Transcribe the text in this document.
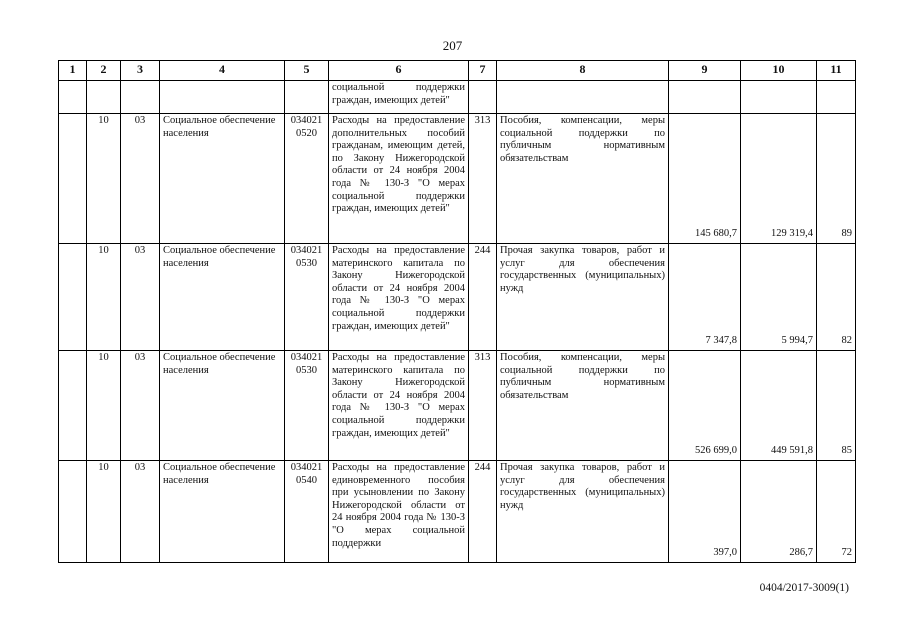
207
1	2	3	4	5	6	7	8	9	10	11
					социальной поддержки граждан, имеющих детей"					
	10	03	Социальное обеспечение населения	034021 0520	Расходы на предоставление дополнительных пособий гражданам, имеющим детей, по Закону Нижегородской области от 24 ноября 2004 года № 130-З "О мерах социальной поддержки граждан, имеющих детей"	313	Пособия, компенсации, меры социальной поддержки по публичным нормативным обязательствам	145 680,7	129 319,4	89
	10	03	Социальное обеспечение населения	034021 0530	Расходы на предоставление материнского капитала по Закону Нижегородской области от 24 ноября 2004 года № 130-З "О мерах социальной поддержки граждан, имеющих детей"	244	Прочая закупка товаров, работ и услуг для обеспечения государственных (муниципальных) нужд	7 347,8	5 994,7	82
	10	03	Социальное обеспечение населения	034021 0530	Расходы на предоставление материнского капитала по Закону Нижегородской области от 24 ноября 2004 года № 130-З "О мерах социальной поддержки граждан, имеющих детей"	313	Пособия, компенсации, меры социальной поддержки по публичным нормативным обязательствам	526 699,0	449 591,8	85
	10	03	Социальное обеспечение населения	034021 0540	Расходы на предоставление единовременного пособия при усыновлении по Закону Нижегородской области от 24 ноября 2004 года № 130-З "О мерах социальной поддержки	244	Прочая закупка товаров, работ и услуг для обеспечения государственных (муниципальных) нужд	397,0	286,7	72
0404/2017-3009(1)
